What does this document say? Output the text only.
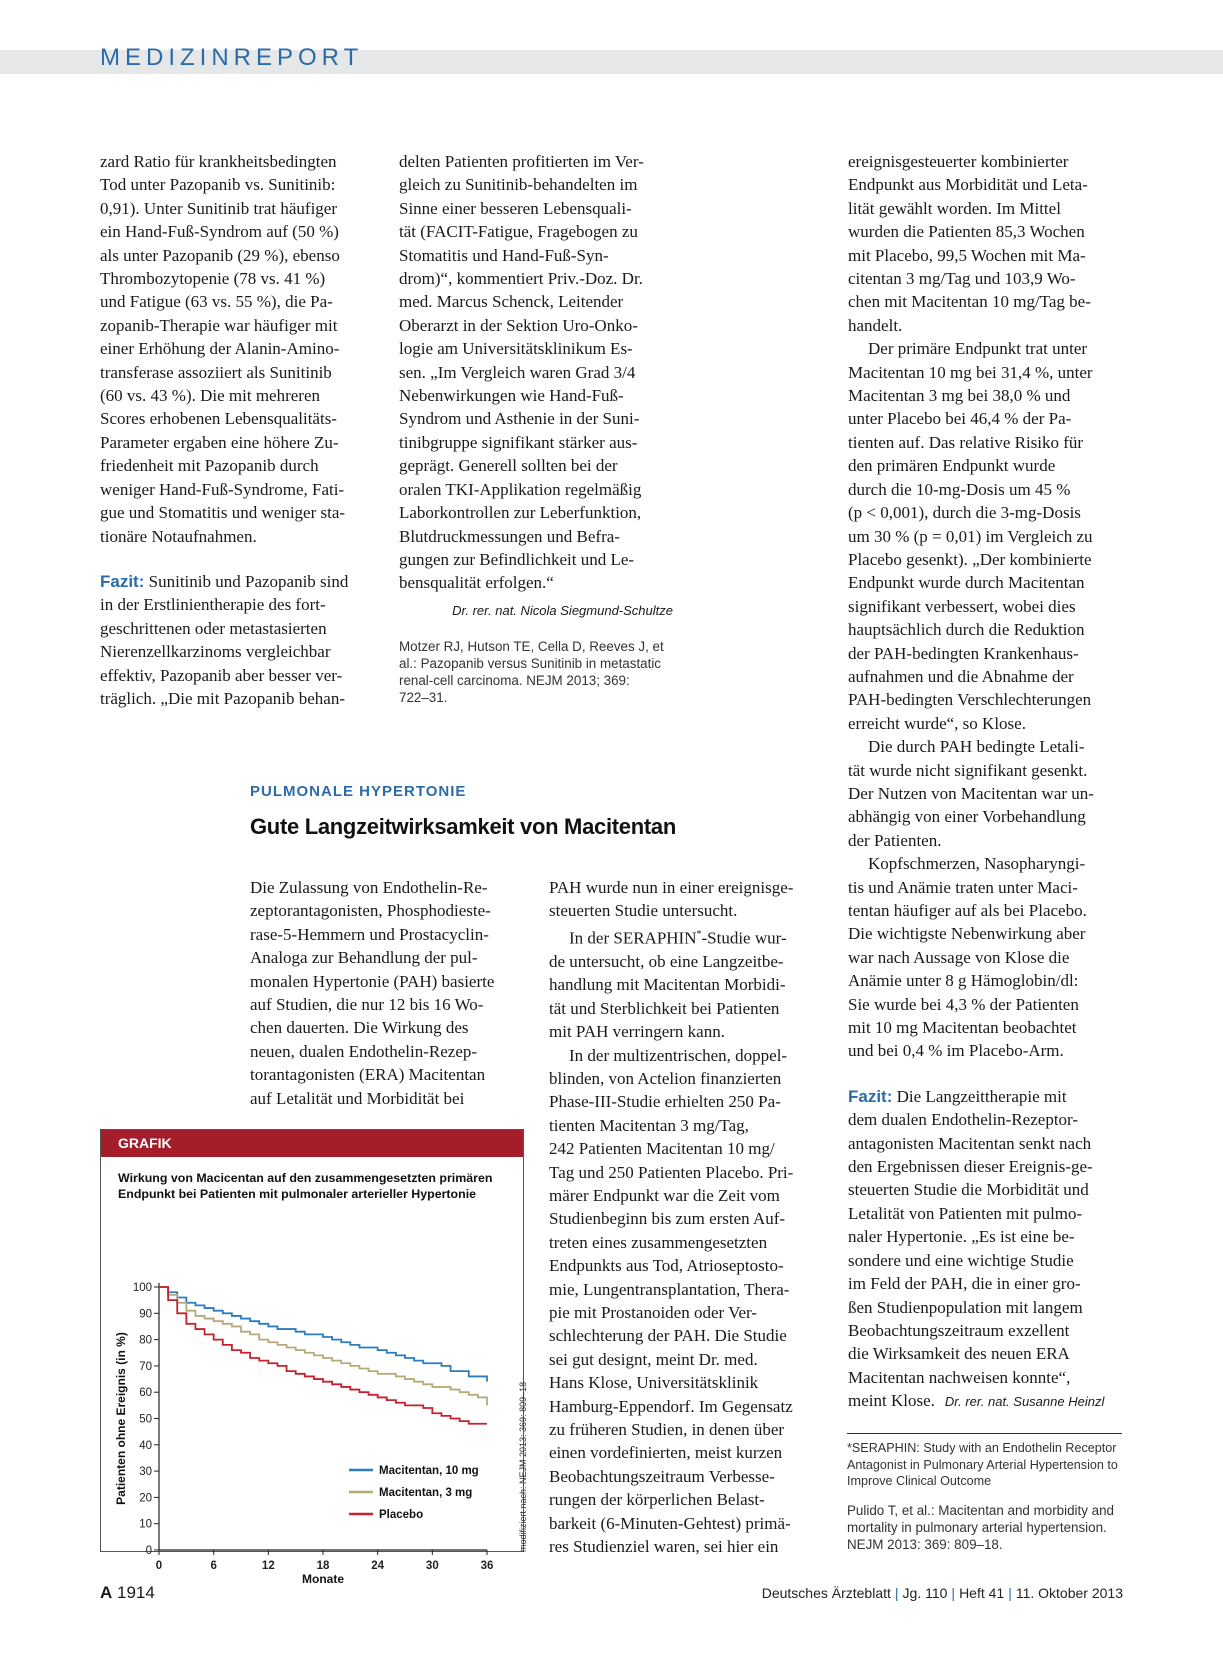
MEDIZINREPORT

zard Ratio für krankheitsbedingten
Tod unter Pazopanib vs. Sunitinib:
0,91). Unter Sunitinib trat häufiger
ein Hand-Fuß-Syndrom auf (50 %)
als unter Pazopanib (29 %), ebenso
Thrombozytopenie (78 vs. 41 %)
und Fatigue (63 vs. 55 %), die Pa-
zopanib-Therapie war häufiger mit
einer Erhöhung der Alanin-Amino-
transferase assoziiert als Sunitinib
(60 vs. 43 %). Die mit mehreren
Scores erhobenen Lebensqualitäts-
Parameter ergaben eine höhere Zu-
friedenheit mit Pazopanib durch
weniger Hand-Fuß-Syndrome, Fati-
gue und Stomatitis und weniger sta-
tionäre Notaufnahmen.

Fazit: Sunitinib und Pazopanib sind
in der Erstlinientherapie des fort-
geschrittenen oder metastasierten
Nierenzellkarzinoms vergleichbar
effektiv, Pazopanib aber besser ver-
träglich. „Die mit Pazopanib behan-

delten Patienten profitierten im Ver-
gleich zu Sunitinib-behandelten im
Sinne einer besseren Lebensquali-
tät (FACIT-Fatigue, Fragebogen zu
Stomatitis und Hand-Fuß-Syn-
drom)“, kommentiert Priv.-Doz. Dr.
med. Marcus Schenck, Leitender
Oberarzt in der Sektion Uro-Onko-
logie am Universitätsklinikum Es-
sen. „Im Vergleich waren Grad 3/4
Nebenwirkungen wie Hand-Fuß-
Syndrom und Asthenie in der Suni-
tinibgruppe signifikant stärker aus-
geprägt. Generell sollten bei der
oralen TKI-Applikation regelmäßig
Laborkontrollen zur Leberfunktion,
Blutdruckmessungen und Befra-
gungen zur Befindlichkeit und Le-
bensqualität erfolgen.“

Dr. rer. nat. Nicola Siegmund-Schultze
Motzer RJ, Hutson TE, Cella D, Reeves J, et
al.: Pazopanib versus Sunitinib in metastatic
renal-cell carcinoma. NEJM 2013; 369:
722–31.

ereignisgesteuerter kombinierter
Endpunkt aus Morbidität und Leta-
lität gewählt worden. Im Mittel
wurden die Patienten 85,3 Wochen
mit Placebo, 99,5 Wochen mit Ma-
citentan 3 mg/Tag und 103,9 Wo-
chen mit Macitentan 10 mg/Tag be-
handelt.

Der primäre Endpunkt trat unter
Macitentan 10 mg bei 31,4 %, unter
Macitentan 3 mg bei 38,0 % und
unter Placebo bei 46,4 % der Pa-
tienten auf. Das relative Risiko für
den primären Endpunkt wurde
durch die 10-mg-Dosis um 45 %
(p < 0,001), durch die 3-mg-Dosis
um 30 % (p = 0,01) im Vergleich zu
Placebo gesenkt). „Der kombinierte
Endpunkt wurde durch Macitentan
signifikant verbessert, wobei dies
hauptsächlich durch die Reduktion
der PAH-bedingten Krankenhaus-
aufnahmen und die Abnahme der
PAH-bedingten Verschlechterungen
erreicht wurde“, so Klose.

Die durch PAH bedingte Letali-
tät wurde nicht signifikant gesenkt.
Der Nutzen von Macitentan war un-
abhängig von einer Vorbehandlung
der Patienten.

Kopfschmerzen, Nasopharyngi-
tis und Anämie traten unter Maci-
tentan häufiger auf als bei Placebo.
Die wichtigste Nebenwirkung aber
war nach Aussage von Klose die
Anämie unter 8 g Hämoglobin/dl:
Sie wurde bei 4,3 % der Patienten
mit 10 mg Macitentan beobachtet
und bei 0,4 % im Placebo-Arm.

Fazit: Die Langzeittherapie mit
dem dualen Endothelin-Rezeptor-
antagonisten Macitentan senkt nach
den Ergebnissen dieser Ereignis-ge-
steuerten Studie die Morbidität und
Letalität von Patienten mit pulmo-
naler Hypertonie. „Es ist eine be-
sondere und eine wichtige Studie
im Feld der PAH, die in einer gro-
ßen Studienpopulation mit langem
Beobachtungszeitraum exzellent
die Wirksamkeit des neuen ERA
Macitentan nachweisen konnte“,
meint Klose. Dr. rer. nat. Susanne Heinzl

*SERAPHIN: Study with an Endothelin Receptor
Antagonist in Pulmonary Arterial Hypertension to
Improve Clinical Outcome
Pulido T, et al.: Macitentan and morbidity and
mortality in pulmonary arterial hypertension.
NEJM 2013: 369: 809–18.
PULMONALE HYPERTONIE
Gute Langzeitwirksamkeit von Macitentan

Die Zulassung von Endothelin-Re-
zeptorantagonisten, Phosphodieste-
rase-5-Hemmern und Prostacyclin-
Analoga zur Behandlung der pul-
monalen Hypertonie (PAH) basierte
auf Studien, die nur 12 bis 16 Wo-
chen dauerten. Die Wirkung des
neuen, dualen Endothelin-Rezep-
torantagonisten (ERA) Macitentan
auf Letalität und Morbidität bei

PAH wurde nun in einer ereignisge-
steuerten Studie untersucht.

In der SERAPHIN*-Studie wur-
de untersucht, ob eine Langzeitbe-
handlung mit Macitentan Morbidi-
tät und Sterblichkeit bei Patienten
mit PAH verringern kann.

In der multizentrischen, doppel-
blinden, von Actelion finanzierten
Phase-III-Studie erhielten 250 Pa-
tienten Macitentan 3 mg/Tag,
242 Patienten Macitentan 10 mg/
Tag und 250 Patienten Placebo. Pri-
märer Endpunkt war die Zeit vom
Studienbeginn bis zum ersten Auf-
treten eines zusammengesetzten
Endpunkts aus Tod, Atrioseptosto-
mie, Lungentransplantation, Thera-
pie mit Prostanoiden oder Ver-
schlechterung der PAH. Die Studie
sei gut designt, meint Dr. med.
Hans Klose, Universitätsklinik
Hamburg-Eppendorf. Im Gegensatz
zu früheren Studien, in denen über
einen vordefinierten, meist kurzen
Beobachtungszeitraum Verbesse-
rungen der körperlichen Belast-
barkeit (6-Minuten-Gehtest) primä-
res Studienziel waren, sei hier ein

GRAFIK
Wirkung von Macicentan auf den zusammengesetzten primären
Endpunkt bei Patienten mit pulmonaler arterieller Hypertonie
0
10
20
30
40
50
60
70
80
90
100
0	6	12	18	24	30	36
Monate
Patienten ohne Ereignis (in %)	Macitentan, 10 mg
Macitentan, 3 mg
Placebo	modifiziert nach: NEJM 2013: 369: 809–18
A 1914	Deutsches Ärzteblatt | Jg. 110 | Heft 41 | 11. Oktober 2013
